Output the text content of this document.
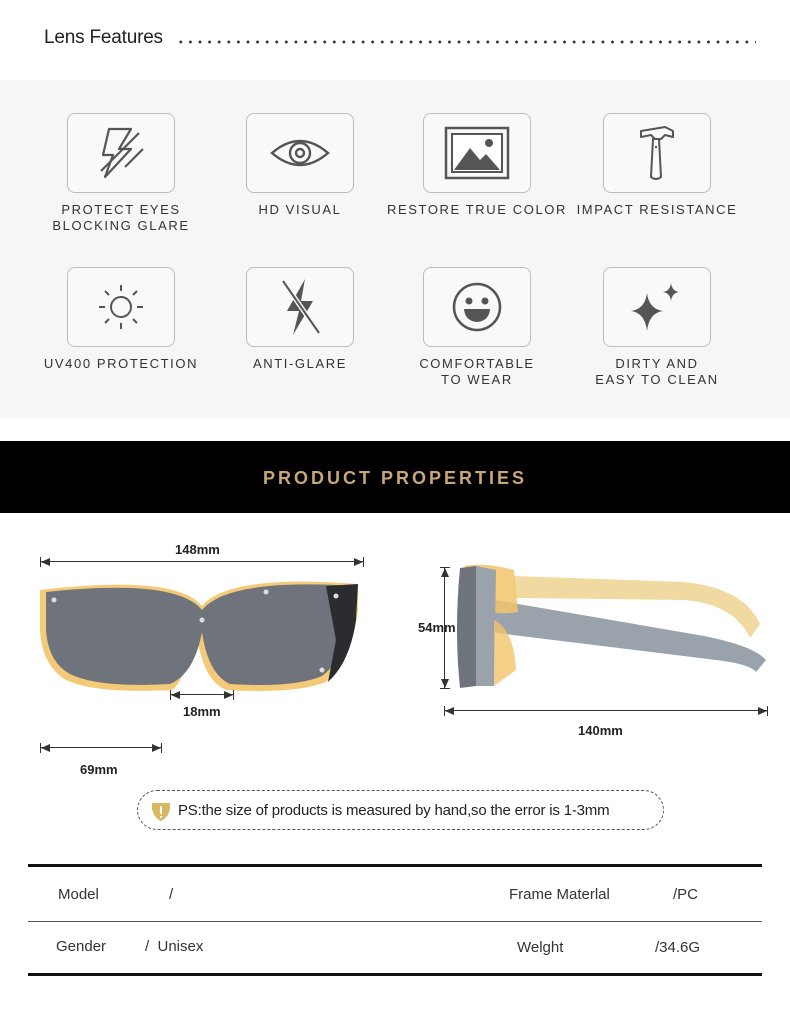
Lens Features
PROTECT EYES
BLOCKING GLARE
HD VISUAL	RESTORE TRUE COLOR IMPACT RESISTANCE
UV400 PROTECTION	ANTI-GLARE	COMFORTABLE
TO WEAR
DIRTY AND
EASY TO CLEAN
PRODUCT PROPERTIES
148mm
18mm
69mm
54mm
140mm
PS:the size of products is measured by hand,so the error is 1-3mm
Model	/	Frame Materlal	/PC
Gender	/  Unisex	Welght	/34.6G
